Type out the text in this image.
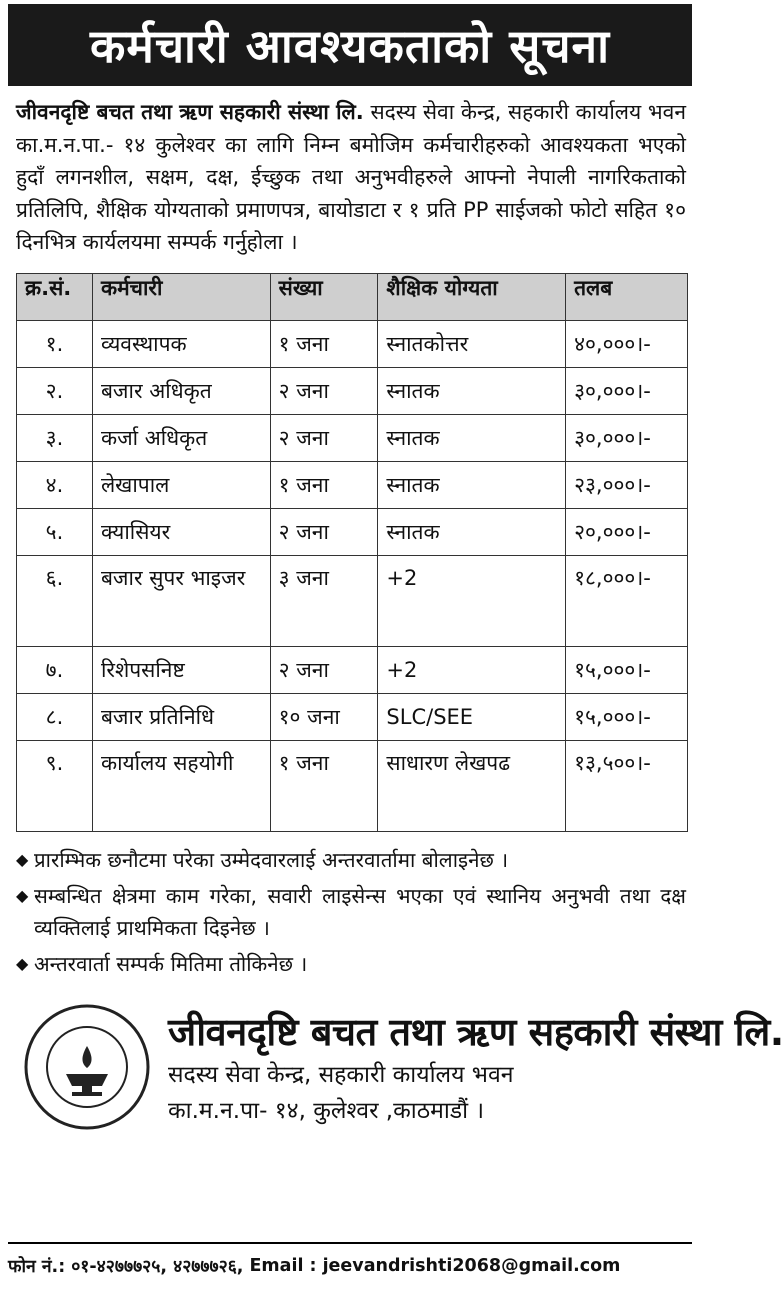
कर्मचारी आवश्यकताको सूचना
जीवनदृष्टि बचत तथा ऋण सहकारी संस्था लि. सदस्य सेवा केन्द्र, सहकारी कार्यालय भवन का.म.न.पा.- १४ कुलेश्वर का लागि निम्न बमोजिम कर्मचारीहरुको आवश्यकता भएको हुदाँ लगनशील, सक्षम, दक्ष, ईच्छुक तथा अनुभवीहरुले आफ्नो नेपाली नागरिकताको प्रतिलिपि, शैक्षिक योग्यताको प्रमाणपत्र, बायोडाटा र १ प्रति PP साईजको फोटो सहित १० दिनभित्र कार्यलयमा सम्पर्क गर्नुहोला ।
क्र.सं.	कर्मचारी	संख्या	शैक्षिक योग्यता	तलब
१.	व्यवस्थापक	१ जना	स्नातकोत्तर	४०,०००।-
२.	बजार अधिकृत	२ जना	स्नातक	३०,०००।-
३.	कर्जा अधिकृत	२ जना	स्नातक	३०,०००।-
४.	लेखापाल	१ जना	स्नातक	२३,०००।-
५.	क्यासियर	२ जना	स्नातक	२०,०००।-
६.	बजार सुपर भाइजर	३ जना	+2	१८,०००।-
७.	रिशेपसनिष्ट	२ जना	+2	१५,०००।-
८.	बजार प्रतिनिधि	१० जना	SLC/SEE	१५,०००।-
९.	कार्यालय सहयोगी	१ जना	साधारण लेखपढ	१३,५००।-
◆ प्रारम्भिक छनौटमा परेका उम्मेदवारलाई अन्तरवार्तामा बोलाइनेछ ।
◆ सम्बन्धित क्षेत्रमा काम गरेका, सवारी लाइसेन्स भएका एवं स्थानिय अनुभवी तथा दक्ष व्यक्तिलाई प्राथमिकता दिइनेछ ।
◆ अन्तरवार्ता सम्पर्क मितिमा तोकिनेछ ।
जीवनदृष्टि बचत तथा ऋण सहकारी संस्था लि.
सदस्य सेवा केन्द्र, सहकारी कार्यालय भवन
का.म.न.पा- १४, कुलेश्वर ,काठमाडौं ।
फोन नं.: ०१-४२७७७२५, ४२७७७२६, Email : jeevandrishti2068@gmail.com
